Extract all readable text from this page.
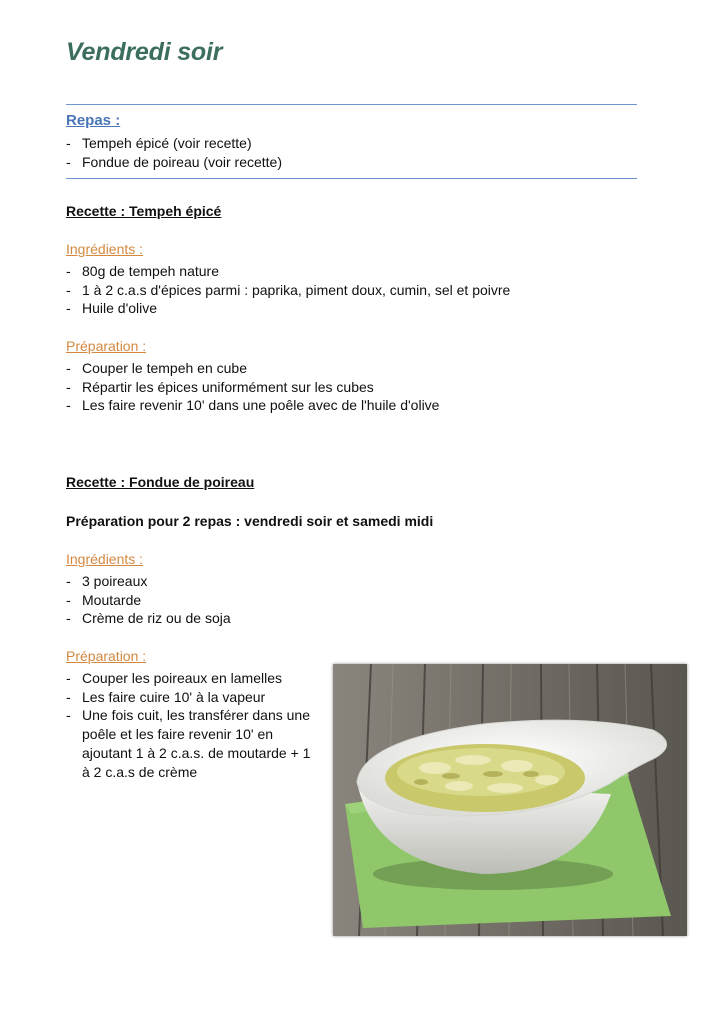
Vendredi soir
Repas :
- Tempeh épicé (voir recette)
- Fondue de poireau (voir recette)
Recette : Tempeh épicé
Ingrédients :
- 80g de tempeh nature
- 1 à 2 c.a.s d'épices parmi : paprika, piment doux, cumin, sel et poivre
- Huile d'olive
Préparation :
- Couper le tempeh en cube
- Répartir les épices uniformément sur les cubes
- Les faire revenir 10' dans une poêle avec de l'huile d'olive
Recette : Fondue de poireau
Préparation pour 2 repas : vendredi soir et samedi midi
Ingrédients :
- 3 poireaux
- Moutarde
- Crème de riz ou de soja
Préparation :
- Couper les poireaux en lamelles
- Les faire cuire 10' à la vapeur
- Une fois cuit, les transférer dans une poêle et les faire revenir 10' en ajoutant 1 à 2 c.a.s. de moutarde + 1 à 2 c.a.s de crème
